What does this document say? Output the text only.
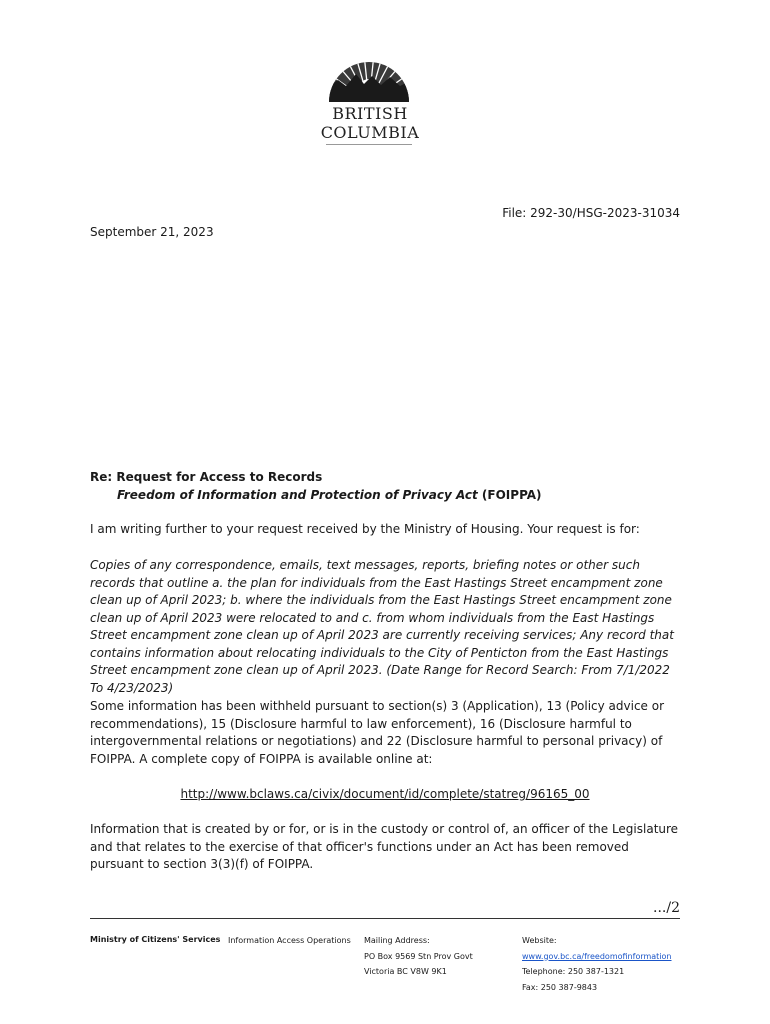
BRITISH
COLUMBIA
File: 292-30/HSG-2023-31034
September 21, 2023
Re: Request for Access to Records
Freedom of Information and Protection of Privacy Act (FOIPPA)
I am writing further to your request received by the Ministry of Housing. Your request is for:
Copies of any correspondence, emails, text messages, reports, briefing notes or other such records that outline a. the plan for individuals from the East Hastings Street encampment zone clean up of April 2023; b. where the individuals from the East Hastings Street encampment zone clean up of April 2023 were relocated to and c. from whom individuals from the East Hastings Street encampment zone clean up of April 2023 are currently receiving services; Any record that contains information about relocating individuals to the City of Penticton from the East Hastings Street encampment zone clean up of April 2023. (Date Range for Record Search: From 7/1/2022 To 4/23/2023)
Some information has been withheld pursuant to section(s) 3 (Application), 13 (Policy advice or recommendations), 15 (Disclosure harmful to law enforcement), 16 (Disclosure harmful to intergovernmental relations or negotiations) and 22 (Disclosure harmful to personal privacy) of FOIPPA. A complete copy of FOIPPA is available online at:
http://www.bclaws.ca/civix/document/id/complete/statreg/96165_00
Information that is created by or for, or is in the custody or control of, an officer of the Legislature and that relates to the exercise of that officer's functions under an Act has been removed pursuant to section 3(3)(f) of FOIPPA.
.../2
Ministry of Citizens' Services Information Access Operations Mailing Address:
PO Box 9569 Stn Prov Govt
Victoria BC V8W 9K1
Website:
www.gov.bc.ca/freedomofinformation
Telephone: 250 387-1321
Fax: 250 387-9843
